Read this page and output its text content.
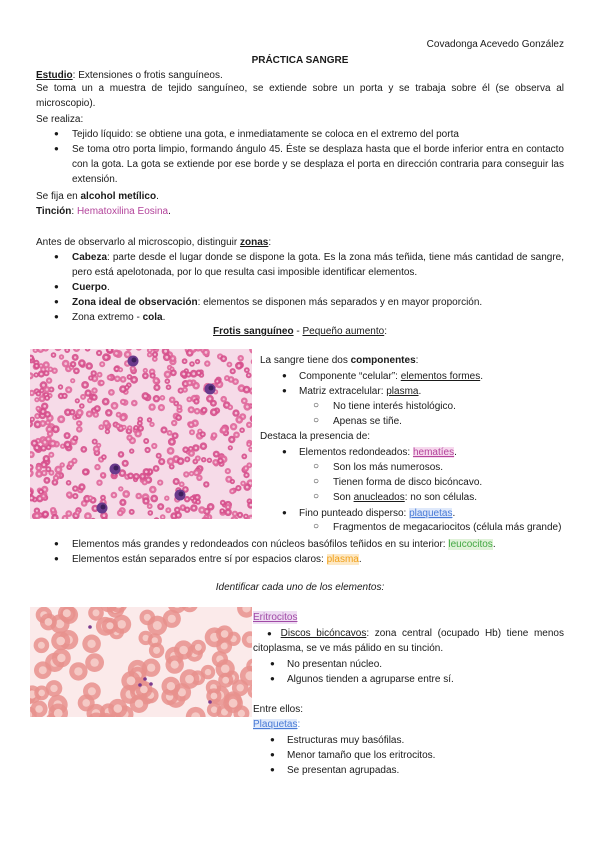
Covadonga Acevedo González
PRÁCTICA SANGRE
Estudio: Extensiones o frotis sanguíneos.
Se toma un a muestra de tejido sanguíneo, se extiende sobre un porta y se trabaja sobre él (se observa al microscopio).
Se realiza:
● Tejido líquido: se obtiene una gota, e inmediatamente se coloca en el extremo del porta
● Se toma otro porta limpio, formando ángulo 45. Éste se desplaza hasta que el borde inferior entra en contacto con la gota. La gota se extiende por ese borde y se desplaza el porta en dirección contraria para conseguir las extensión.
Se fija en alcohol metílico.
Tinción: Hematoxilina Eosina.
Antes de observarlo al microscopio, distinguir zonas:
● Cabeza: parte desde el lugar donde se dispone la gota. Es la zona más teñida, tiene más cantidad de sangre, pero está apelotonada, por lo que resulta casi imposible identificar elementos.
● Cuerpo.
● Zona ideal de observación: elementos se disponen más separados y en mayor proporción.
● Zona extremo - cola.
Frotis sanguíneo - Pequeño aumento:
La sangre tiene dos componentes:
● Componente “celular”: elementos formes.
● Matriz extracelular: plasma.
○ No tiene interés histológico.
○ Apenas se tiñe.
Destaca la presencia de:
● Elementos redondeados: hematíes.
○ Son los más numerosos.
○ Tienen forma de disco bicóncavo.
○ Son anucleados: no son células.
● Fino punteado disperso: plaquetas.
○ Fragmentos de megacariocitos (célula más grande)
● Elementos más grandes y redondeados con núcleos basófilos teñidos en su interior: leucocitos.
● Elementos están separados entre sí por espacios claros: plasma.
Identificar cada uno de los elementos:
Eritrocitos
● Discos bicóncavos: zona central (ocupado Hb) tiene menos citoplasma, se ve más pálido en su tinción.
● No presentan núcleo.
● Algunos tienden a agruparse entre sí.
Entre ellos:
Plaquetas:
● Estructuras muy basófilas.
● Menor tamaño que los eritrocitos.
● Se presentan agrupadas.
